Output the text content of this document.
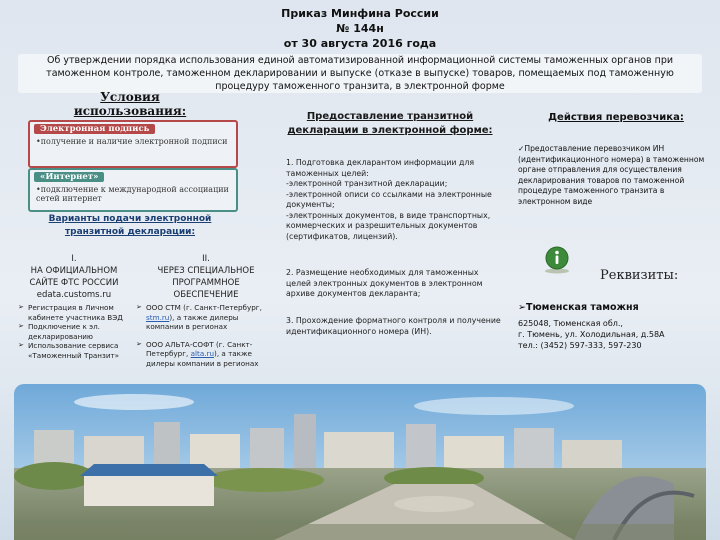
Приказ Минфина России
№ 144н
от 30 августа 2016 года

Об утверждении порядка использования единой автоматизированной информационной системы таможенных органов при таможенном контроле, таможенном декларировании и выпуске (отказе в выпуске) товаров, помещаемых под таможенную процедуру таможенного транзита, в электронной форме

Условия использования:

Электронная подпись
•получение и наличие электронной подписи
«Интернет»
•подключение к международной ассоциации сетей интернет

Варианты подачи электронной транзитной декларации:

I.
НА ОФИЦИАЛЬНОМ
САЙТЕ ФТС РОССИИ
edata.customs.ru
➢ Регистрация в Личном кабинете участника ВЭД
➢ Подключение к эл. декларированию
➢ Использование сервиса «Таможенный Транзит»
II.
ЧЕРЕЗ СПЕЦИАЛЬНОЕ
ПРОГРАММНОЕ
ОБЕСПЕЧЕНИЕ
➢ ООО СТМ (г. Санкт-Петербург, stm.ru), а также дилеры компании в регионах
➢ ООО АЛЬТА-СОФТ (г. Санкт-Петербург, alta.ru), а также дилеры компании в регионах

Предоставление транзитной декларации в электронной форме:

1. Подготовка декларантом информации для таможенных целей:
-электронной транзитной декларации;
-электронной описи со ссылками на электронные документы;
-электронных документов, в виде транспортных, коммерческих и разрешительных документов (сертификатов, лицензий).
2. Размещение необходимых для таможенных целей электронных документов в электронном архиве документов декларанта;
3. Прохождение форматного контроля и получение идентификационного номера (ИН).

Действия перевозчика:

✓Предоставление перевозчиком ИН (идентификационного номера) в таможенном органе отправления для осуществления декларирования товаров по таможенной процедуре таможенного транзита в электронном виде

Реквизиты:

➢Тюменская таможня

625048, Тюменская обл.,
г. Тюмень, ул. Холодильная, д.58А
тел.: (3452) 597-333, 597-230
